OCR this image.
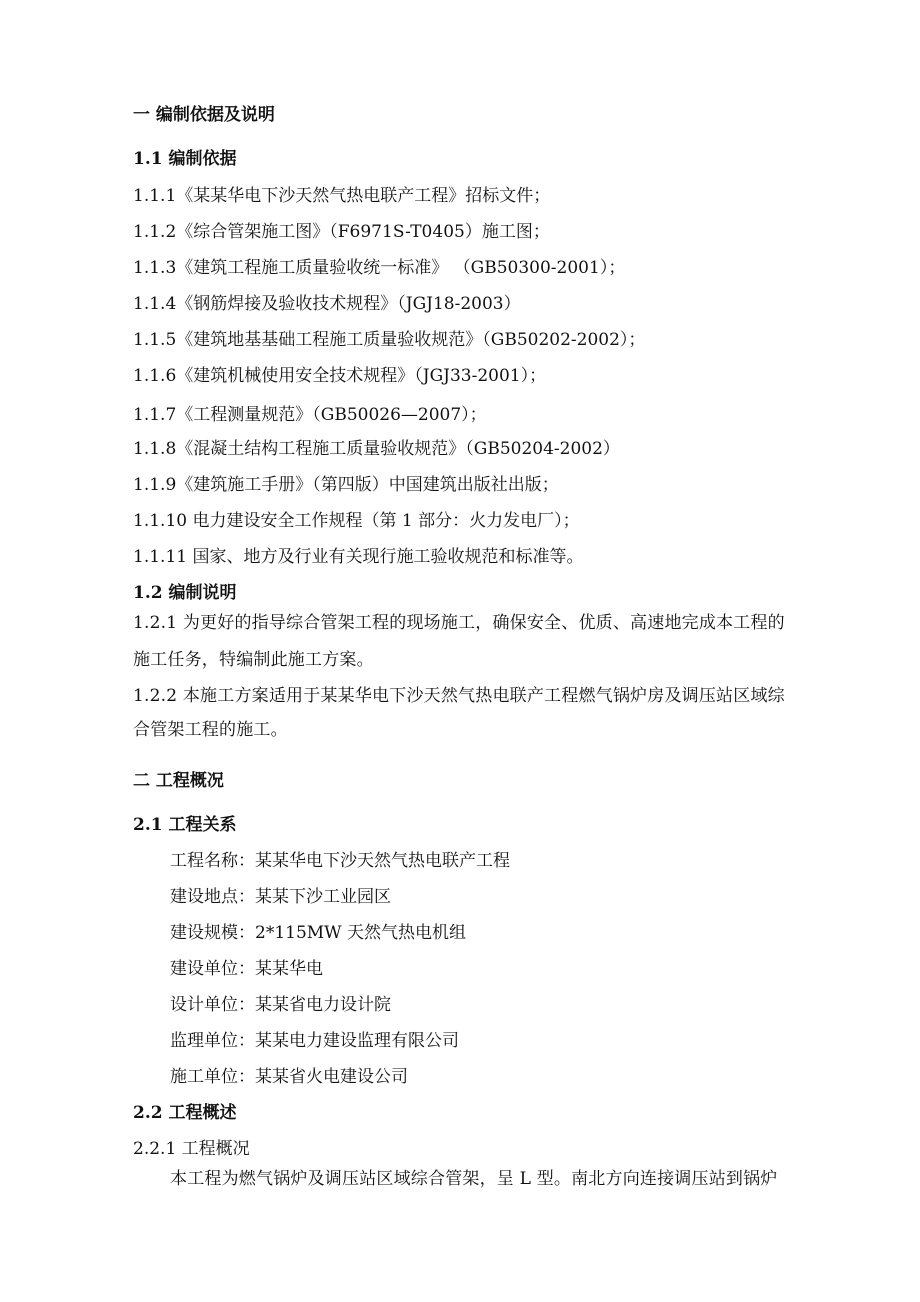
一 编制依据及说明
1.1 编制依据
1.1.1《某某华电下沙天然气热电联产工程》招标文件；
1.1.2《综合管架施工图》（F6971S-T0405）施工图；
1.1.3《建筑工程施工质量验收统一标准》 （GB50300-2001）；
1.1.4《钢筋焊接及验收技术规程》（JGJ18-2003）
1.1.5《建筑地基基础工程施工质量验收规范》（GB50202-2002）；
1.1.6《建筑机械使用安全技术规程》（JGJ33-2001）；
1.1.7《工程测量规范》（GB50026—2007）；
1.1.8《混凝土结构工程施工质量验收规范》（GB50204-2002）
1.1.9《建筑施工手册》（第四版）中国建筑出版社出版；
1.1.10 电力建设安全工作规程（第 1 部分：火力发电厂）；
1.1.11 国家、地方及行业有关现行施工验收规范和标准等。
1.2 编制说明
1.2.1 为更好的指导综合管架工程的现场施工，确保安全、优质、高速地完成本工程的
施工任务，特编制此施工方案。
1.2.2 本施工方案适用于某某华电下沙天然气热电联产工程燃气锅炉房及调压站区域综
合管架工程的施工。
二 工程概况
2.1 工程关系
工程名称：某某华电下沙天然气热电联产工程
建设地点：某某下沙工业园区
建设规模：2*115MW 天然气热电机组
建设单位：某某华电
设计单位：某某省电力设计院
监理单位：某某电力建设监理有限公司
施工单位：某某省火电建设公司
2.2 工程概述
2.2.1 工程概况
本工程为燃气锅炉及调压站区域综合管架，呈 L 型。南北方向连接调压站到锅炉
